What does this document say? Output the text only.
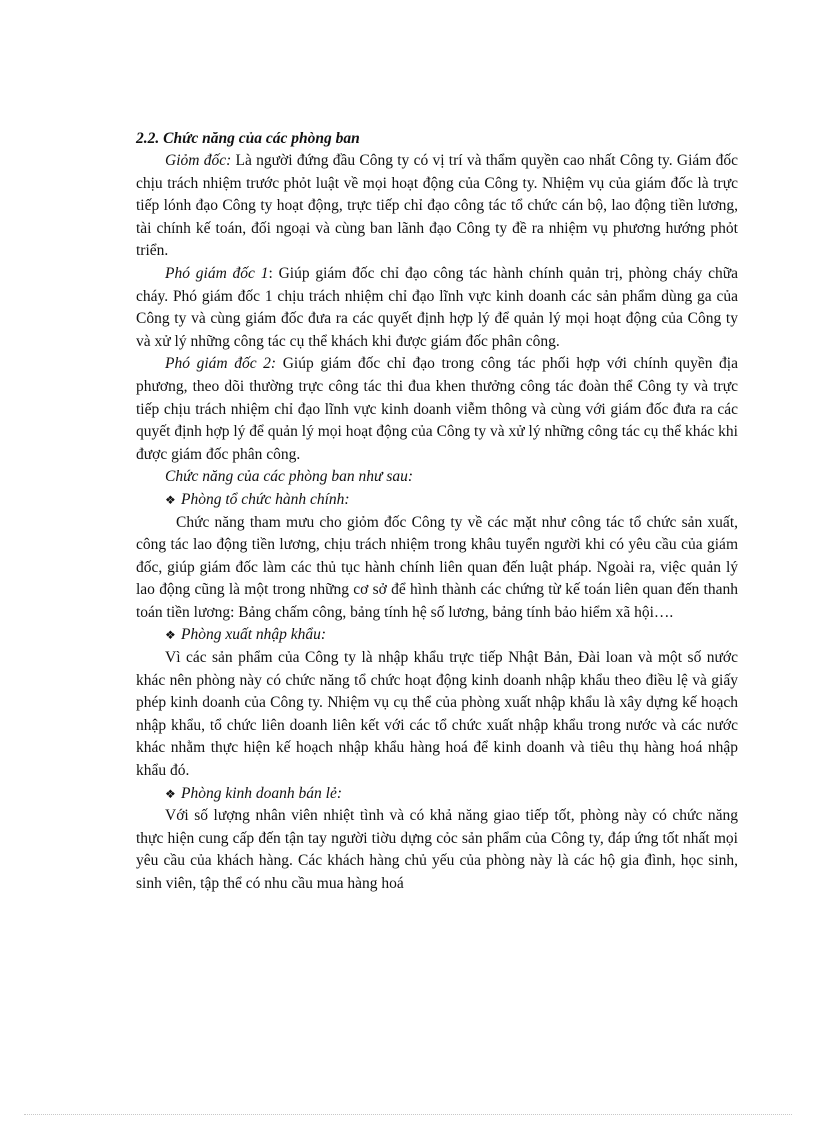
2.2. Chức năng của các phòng ban

Giỏm đốc: Là người đứng đầu Công ty có vị trí và thẩm quyền cao nhất Công ty. Giám đốc chịu trách nhiệm trước phỏt luật về mọi hoạt động của Công ty. Nhiệm vụ của giám đốc là trực tiếp lónh đạo Công ty hoạt động, trực tiếp chỉ đạo công tác tổ chức cán bộ, lao động tiền lương, tài chính kế toán, đối ngoại và cùng ban lãnh đạo Công ty đề ra nhiệm vụ phương hướng phỏt triển.

Phó giám đốc 1: Giúp giám đốc chỉ đạo công tác hành chính quản trị, phòng cháy chữa cháy. Phó giám đốc 1 chịu trách nhiệm chỉ đạo lĩnh vực kinh doanh các sản phẩm dùng ga của Công ty và cùng giám đốc đưa ra các quyết định hợp lý để quản lý mọi hoạt động của Công ty và xử lý những công tác cụ thể khách khi được giám đốc phân công.

Phó giám đốc 2: Giúp giám đốc chỉ đạo trong công tác phối hợp với chính quyền địa phương, theo dõi thường trực công tác thi đua khen thưởng công tác đoàn thể Công ty và trực tiếp chịu trách nhiệm chỉ đạo lĩnh vực kinh doanh viễm thông và cùng với giám đốc đưa ra các quyết định hợp lý để quản lý mọi hoạt động của Công ty và xử lý những công tác cụ thể khác khi được giám đốc phân công.

Chức năng của các phòng ban như sau:

❖ Phòng tổ chức hành chính:

Chức năng tham mưu cho giỏm đốc Công ty về các mặt như công tác tổ chức sản xuất, công tác lao động tiền lương, chịu trách nhiệm trong khâu tuyển người khi có yêu cầu của giám đốc, giúp giám đốc làm các thủ tục hành chính liên quan đến luật pháp. Ngoài ra, việc quản lý lao động cũng là một trong những cơ sở để hình thành các chứng từ kế toán liên quan đến thanh toán tiền lương: Bảng chấm công, bảng tính hệ số lương, bảng tính bảo hiểm xã hội….

❖ Phòng xuất nhập khẩu:

Vì các sản phẩm của Công ty là nhập khẩu trực tiếp Nhật Bản, Đài loan và một số nước khác nên phòng này có chức năng tổ chức hoạt động kinh doanh nhập khẩu theo điều lệ và giấy phép kinh doanh của Công ty. Nhiệm vụ cụ thể của phòng xuất nhập khẩu là xây dựng kế hoạch nhập khẩu, tổ chức liên doanh liên kết với các tổ chức xuất nhập khẩu trong nước và các nước khác nhằm thực hiện kế hoạch nhập khẩu hàng hoá để kinh doanh và tiêu thụ hàng hoá nhập khẩu đó.

❖ Phòng kinh doanh bán lẻ:

Với số lượng nhân viên nhiệt tình và có khả năng giao tiếp tốt, phòng này có chức năng thực hiện cung cấp đến tận tay người tiờu dựng cỏc sản phẩm của Công ty, đáp ứng tốt nhất mọi yêu cầu của khách hàng. Các khách hàng chủ yếu của phòng này là các hộ gia đình, học sinh, sinh viên, tập thể có nhu cầu mua hàng hoá
